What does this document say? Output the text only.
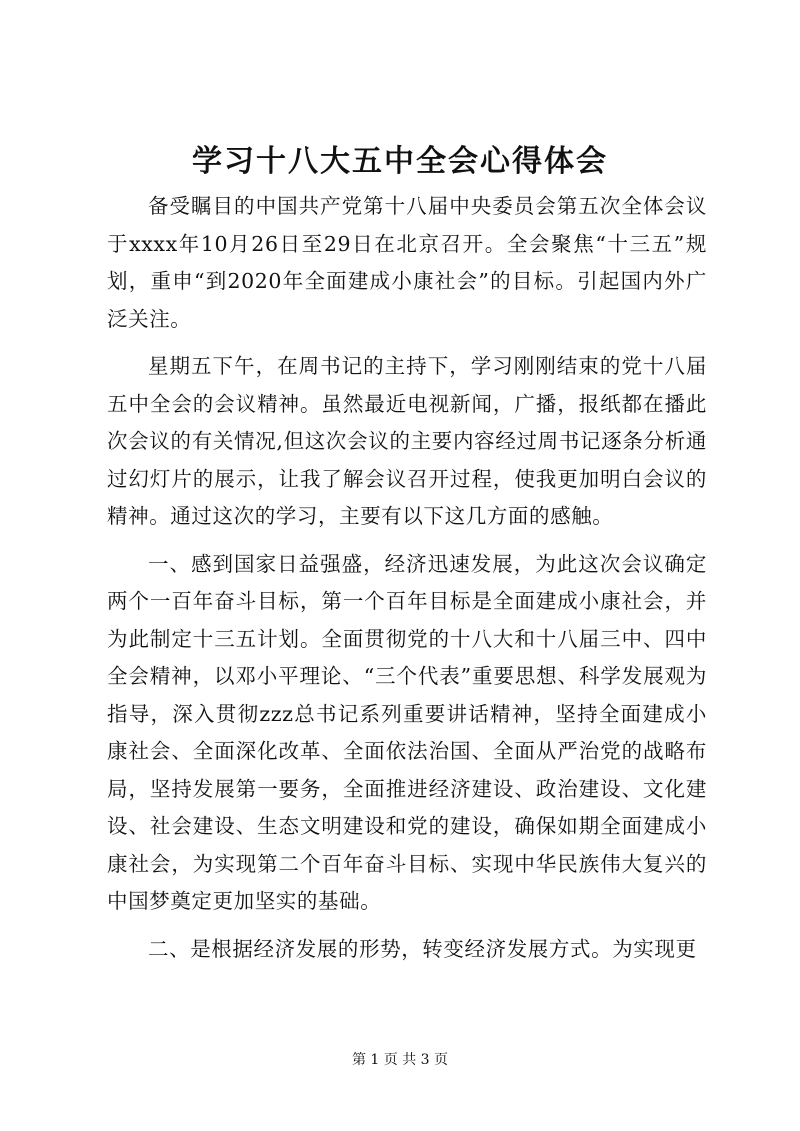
学习十八大五中全会心得体会

备受瞩目的中国共产党第十八届中央委员会第五次全体会议于xxxx年10月26日至29日在北京召开。全会聚焦“十三五”规划，重申“到2020年全面建成小康社会”的目标。引起国内外广泛关注。

星期五下午，在周书记的主持下，学习刚刚结束的党十八届五中全会的会议精神。虽然最近电视新闻，广播，报纸都在播此次会议的有关情况,但这次会议的主要内容经过周书记逐条分析通过幻灯片的展示，让我了解会议召开过程，使我更加明白会议的精神。通过这次的学习，主要有以下这几方面的感触。

一、感到国家日益强盛，经济迅速发展，为此这次会议确定两个一百年奋斗目标，第一个百年目标是全面建成小康社会，并为此制定十三五计划。全面贯彻党的十八大和十八届三中、四中全会精神，以邓小平理论、“三个代表”重要思想、科学发展观为指导，深入贯彻zzz总书记系列重要讲话精神，坚持全面建成小康社会、全面深化改革、全面依法治国、全面从严治党的战略布局，坚持发展第一要务，全面推进经济建设、政治建设、文化建设、社会建设、生态文明建设和党的建设，确保如期全面建成小康社会，为实现第二个百年奋斗目标、实现中华民族伟大复兴的中国梦奠定更加坚实的基础。

二、是根据经济发展的形势，转变经济发展方式。为实现更

第 1 页 共 3 页
